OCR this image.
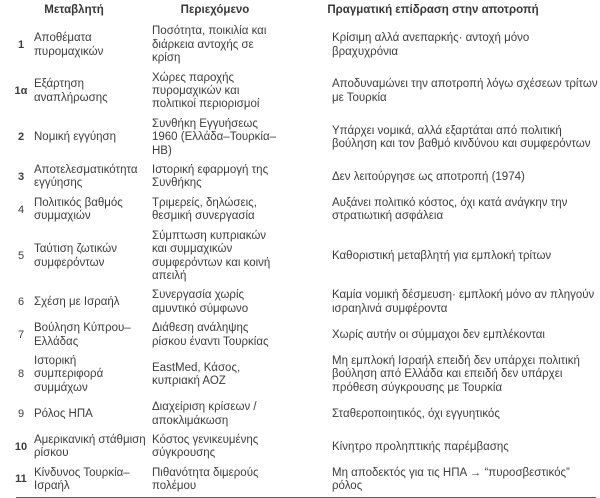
Μεταβλητή		Περιεχόμενο	Πραγματική επίδραση στην αποτροπή
1	Αποθέματα πυρομαχικών	Ποσότητα, ποικιλία και διάρκεια αντοχής σε κρίση	Κρίσιμη αλλά ανεπαρκής· αντοχή μόνο βραχυχρόνια
1α	Εξάρτηση αναπλήρωσης	Χώρες παροχής πυρομαχικών και πολιτικοί περιορισμοί	Αποδυναμώνει την αποτροπή λόγω σχέσεων τρίτων με Τουρκία
2	Νομική εγγύηση	Συνθήκη Εγγυήσεως 1960 (Ελλάδα–Τουρκία–ΗΒ)	Υπάρχει νομικά, αλλά εξαρτάται από πολιτική βούληση και τον βαθμό κινδύνου και συμφερόντων
3	Αποτελεσματικότητα εγγύησης	Ιστορική εφαρμογή της Συνθήκης	Δεν λειτούργησε ως αποτροπή (1974)
4	Πολιτικός βαθμός συμμαχιών	Τριμερείς, δηλώσεις, θεσμική συνεργασία	Αυξάνει πολιτικό κόστος, όχι κατά ανάγκην την στρατιωτική ασφάλεια
5	Ταύτιση ζωτικών συμφερόντων	Σύμπτωση κυπριακών και συμμαχικών συμφερόντων και κοινή απειλή	Καθοριστική μεταβλητή για εμπλοκή τρίτων
6	Σχέση με Ισραήλ	Συνεργασία χωρίς αμυντικό σύμφωνο	Καμία νομική δέσμευση· εμπλοκή μόνο αν πληγούν ισραηλινά συμφέροντα
7	Βούληση Κύπρου–Ελλάδας	Διάθεση ανάληψης ρίσκου έναντι Τουρκίας	Χωρίς αυτήν οι σύμμαχοι δεν εμπλέκονται
8	Ιστορική συμπεριφορά συμμάχων	EastMed, Κάσος, κυπριακή ΑΟΖ	Μη εμπλοκή Ισραήλ επειδή δεν υπάρχει πολιτική βούληση από Ελλάδα και επειδή δεν υπάρχει πρόθεση σύγκρουσης με Τουρκία
9	Ρόλος ΗΠΑ	Διαχείριση κρίσεων / αποκλιμάκωση	Σταθεροποιητικός, όχι εγγυητικός
10	Αμερικανική στάθμιση ρίσκου	Κόστος γενικευμένης σύγκρουσης	Κίνητρο προληπτικής παρέμβασης
11	Κίνδυνος Τουρκία–Ισραήλ	Πιθανότητα διμερούς πολέμου	Μη αποδεκτός για τις ΗΠΑ → “πυροσβεστικός” ρόλος
